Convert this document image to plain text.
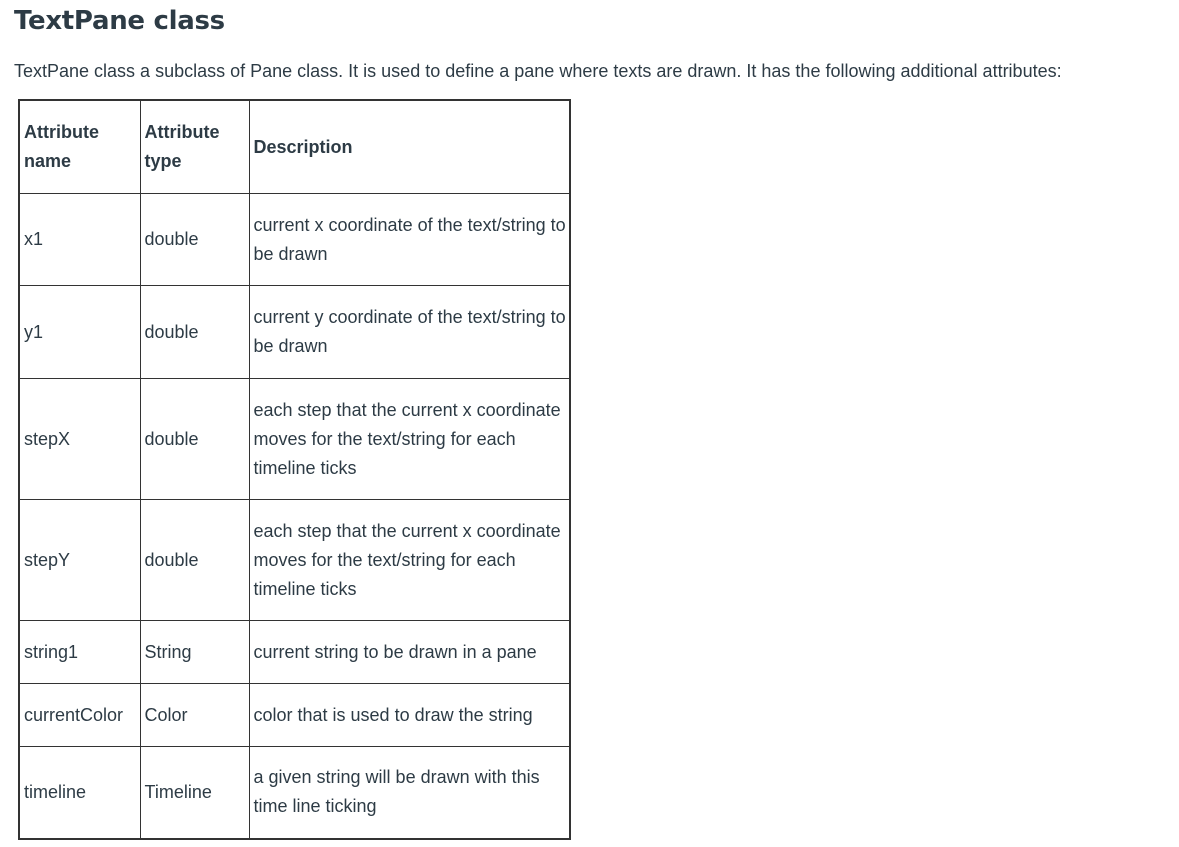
TextPane class

TextPane class a subclass of Pane class. It is used to define a pane where texts are drawn. It has the following additional attributes:

Attribute name	Attribute type	Description
x1	double	current x coordinate of the text/string to be drawn
y1	double	current y coordinate of the text/string to be drawn
stepX	double	each step that the current x coordinate moves for the text/string for each timeline ticks
stepY	double	each step that the current x coordinate moves for the text/string for each timeline ticks
string1	String	current string to be drawn in a pane
currentColor	Color	color that is used to draw the string
timeline	Timeline	a given string will be drawn with this time line ticking
